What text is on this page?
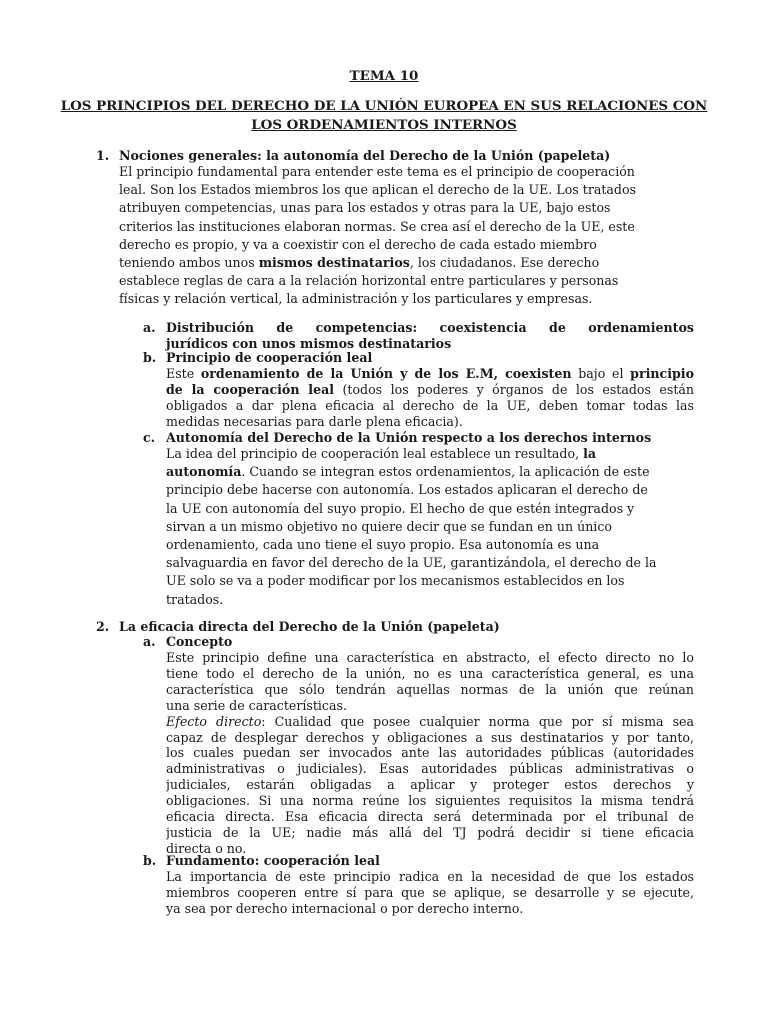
TEMA 10
LOS PRINCIPIOS DEL DERECHO DE LA UNIÓN EUROPEA EN SUS RELACIONES CON
LOS ORDENAMIENTOS INTERNOS
1. Nociones generales: la autonomía del Derecho de la Unión (papeleta)
El principio fundamental para entender este tema es el principio de cooperación
leal. Son los Estados miembros los que aplican el derecho de la UE. Los tratados
atribuyen competencias, unas para los estados y otras para la UE, bajo estos
criterios las instituciones elaboran normas. Se crea así el derecho de la UE, este
derecho es propio, y va a coexistir con el derecho de cada estado miembro
teniendo ambos unos mismos destinatarios, los ciudadanos. Ese derecho
establece reglas de cara a la relación horizontal entre particulares y personas
físicas y relación vertical, la administración y los particulares y empresas.
a. Distribución de competencias: coexistencia de ordenamientos
jurídicos con unos mismos destinatarios
b. Principio de cooperación leal
Este ordenamiento de la Unión y de los E.M, coexisten bajo el principio
de la cooperación leal (todos los poderes y órganos de los estados están
obligados a dar plena eficacia al derecho de la UE, deben tomar todas las
medidas necesarias para darle plena eficacia).
c. Autonomía del Derecho de la Unión respecto a los derechos internos
La idea del principio de cooperación leal establece un resultado, la
autonomía. Cuando se integran estos ordenamientos, la aplicación de este
principio debe hacerse con autonomía. Los estados aplicaran el derecho de
la UE con autonomía del suyo propio. El hecho de que estén integrados y
sirvan a un mismo objetivo no quiere decir que se fundan en un único
ordenamiento, cada uno tiene el suyo propio. Esa autonomía es una
salvaguardia en favor del derecho de la UE, garantizándola, el derecho de la
UE solo se va a poder modificar por los mecanismos establecidos en los
tratados.
2. La eficacia directa del Derecho de la Unión (papeleta)
a. Concepto
Este principio define una característica en abstracto, el efecto directo no lo
tiene todo el derecho de la unión, no es una característica general, es una
característica que sólo tendrán aquellas normas de la unión que reúnan
una serie de características.
Efecto directo: Cualidad que posee cualquier norma que por sí misma sea
capaz de desplegar derechos y obligaciones a sus destinatarios y por tanto,
los cuales puedan ser invocados ante las autoridades públicas (autoridades
administrativas o judiciales). Esas autoridades públicas administrativas o
judiciales, estarán obligadas a aplicar y proteger estos derechos y
obligaciones. Si una norma reúne los siguientes requisitos la misma tendrá
eficacia directa. Esa eficacia directa será determinada por el tribunal de
justicia de la UE; nadie más allá del TJ podrá decidir si tiene eficacia
directa o no.
b. Fundamento: cooperación leal
La importancia de este principio radica en la necesidad de que los estados
miembros cooperen entre sí para que se aplique, se desarrolle y se ejecute,
ya sea por derecho internacional o por derecho interno.
